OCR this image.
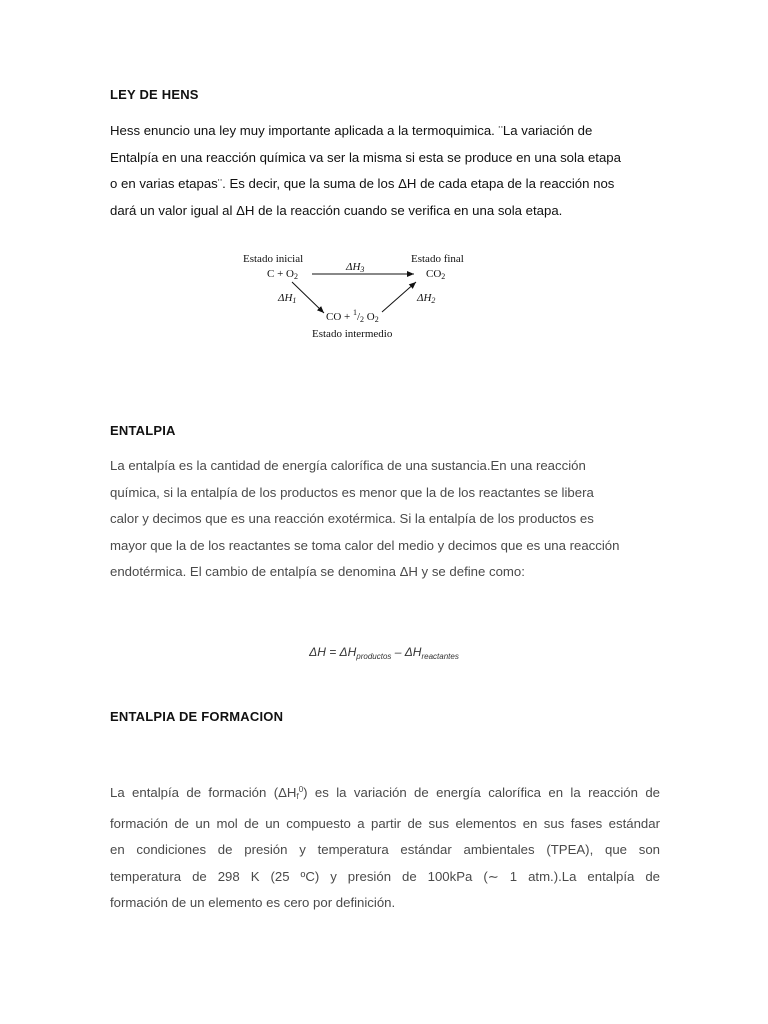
LEY DE HENS
Hess enuncio una ley muy importante aplicada a la termoquimica. ¨La variación de
Entalpía en una reacción química va ser la misma si esta se produce en una sola etapa
o en varias etapas¨. Es decir, que la suma de los ΔH de cada etapa de la reacción nos
dará un valor igual al ΔH de la reacción cuando se verifica en una sola etapa.
Estado inicial	Estado final
C + O2	CO2
ΔH3
ΔH1	ΔH2
CO + $^1$/2 O2
Estado intermedio
ENTALPIA
La entalpía es la cantidad de energía calorífica de una sustancia.En una reacción
química, si la entalpía de los productos es menor que la de los reactantes se libera
calor y decimos que es una reacción exotérmica. Si la entalpía de los productos es
mayor que la de los reactantes se toma calor del medio y decimos que es una reacción
endotérmica. El cambio de entalpía se denomina ΔH y se define como:
$\Delta H = \Delta H_{productos} - \Delta H_{reactantes}$
ENTALPIA DE FORMACION
La entalpía de formación (ΔHf$^0$) es la variación de energía calorífica en la reacción de
formación de un mol de un compuesto a partir de sus elementos en sus fases estándar
en condiciones de presión y temperatura estándar ambientales (TPEA), que son
temperatura de 298 K (25 ºC) y presión de 100kPa (∼ 1 atm.).La entalpía de
formación de un elemento es cero por definición.
